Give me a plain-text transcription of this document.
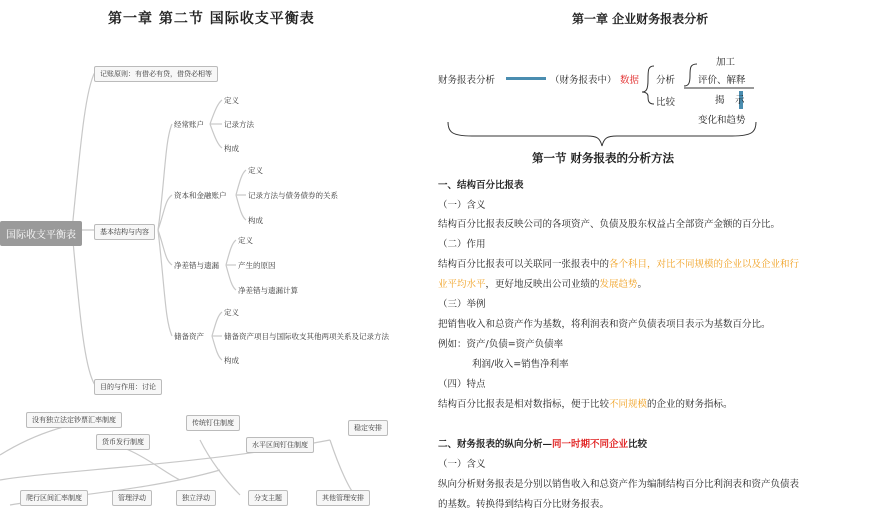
第一章 第二节 国际收支平衡表
国际收支平衡表
记账原则：有借必有贷，借贷必相等
基本结构与内容
目的与作用：讨论
经常账户
定义
记录方法
构成
资本和金融账户
定义
记录方法与债务债券的关系
构成
净差错与遗漏
定义
产生的原因
净差错与遗漏计算
储备资产
定义
储备资产项目与国际收支其他两项关系及记录方法
构成
没有独立法定钞票汇率制度
货币发行制度
传统钉住制度
水平区间钉住制度
稳定安排
爬行区间汇率制度	管理浮动	独立浮动	分支主题	其他管理安排
第一章 企业财务报表分析
财务报表分析	（财务报表中） 数据 分析
比较
加工
评价、解释
揭 示
变化和趋势
第一节 财务报表的分析方法
一、结构百分比报表
（一）含义
结构百分比报表反映公司的各项资产、负债及股东权益占全部资产金额的百分比。
（二）作用
结构百分比报表可以关联同一张报表中的各个科目，对比不同规模的企业以及企业和行
业平均水平，更好地反映出公司业绩的发展趋势。
（三）举例
把销售收入和总资产作为基数，将利润表和资产负债表项目表示为基数百分比。
例如：资产/负债=资产负债率
利润/收入=销售净利率
（四）特点
结构百分比报表是相对数指标，便于比较不同规模的企业的财务指标。
二、财务报表的纵向分析—同一时期不同企业比较
（一）含义
纵向分析财务报表是分别以销售收入和总资产作为编制结构百分比利润表和资产负债表
的基数。转换得到结构百分比财务报表。
